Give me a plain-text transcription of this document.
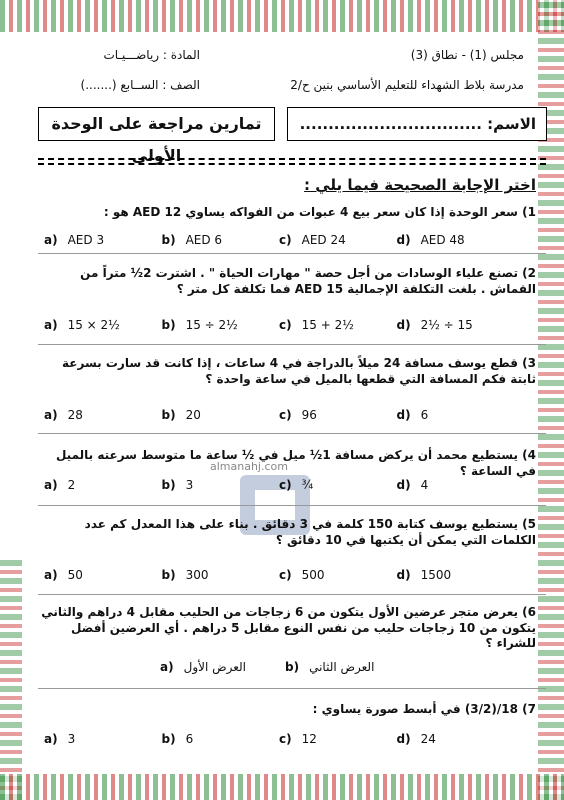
مجلس (1) - نطاق (3)
المادة : رياضـــيـات
مدرسة بلاط الشهداء للتعليم الأساسي بنين ح/2
الصف : الســابع (.......)
تمارين مراجعة على الوحدة الأولى
الاسم: ................................
اختر الإجابة الصحيحة فيما يلي :
1) سعر الوحدة إذا كان سعر بيع 4 عبوات من الفواكه يساوي AED 12 هو :
a) AED 3	b) AED 6	c) AED 24	d) AED 48
2) تصنع علياء الوسادات من أجل حصة " مهارات الحياة " . اشترت 2½ متراً من القماش . بلغت التكلفة الإجمالية AED 15 فما تكلفة كل متر ؟
a) 15 × 2½	b) 15 ÷ 2½	c) 15 + 2½	d) 2½ ÷ 15
3) قطع يوسف مسافة 24 ميلاً بالدراجة في 4 ساعات ، إذا كانت قد سارت بسرعة ثابتة فكم المسافة التي قطعها بالميل في ساعة واحدة ؟
a) 28	b) 20	c) 96	d) 6
almanahj.com
4) يستطيع محمد أن يركض مسافة 1½ ميل في ½ ساعة ما متوسط سرعته بالميل في الساعة ؟
a) 2	b) 3	c) ¾	d) 4
5) يستطيع يوسف كتابة 150 كلمة في 3 دقائق . بناء على هذا المعدل كم عدد الكلمات التي يمكن أن يكتبها في 10 دقائق ؟
a) 50	b) 300	c) 500	d) 1500
6) يعرض متجر عرضين الأول يتكون من 6 زجاجات من الحليب مقابل 4 دراهم والثاني يتكون من 10 زجاجات حليب من نفس النوع مقابل 5 دراهم . أي العرضين أفضل للشراء ؟
a) العرض الأول	b) العرض الثاني
7) 18/(3/2) في أبسط صورة يساوي :
a) 3	b) 6	c) 12	d) 24
